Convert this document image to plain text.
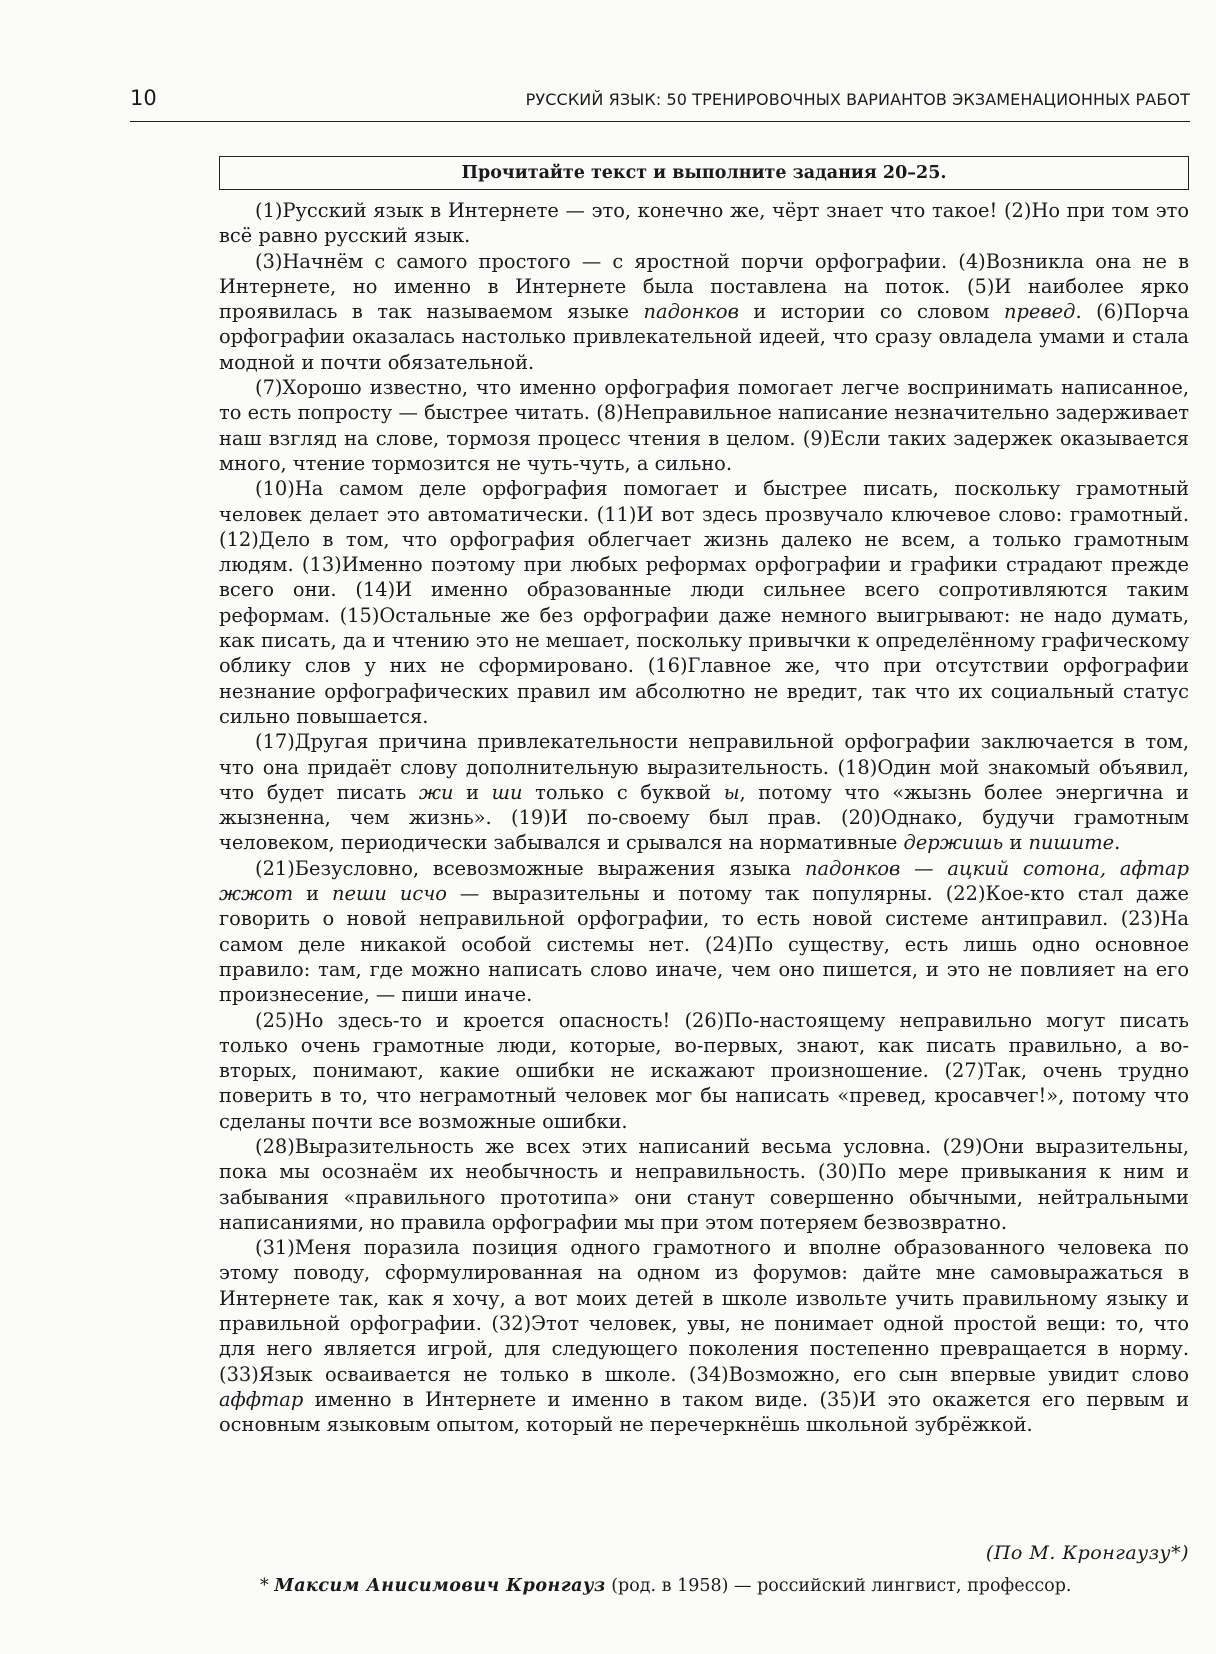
10	РУССКИЙ ЯЗЫК: 50 ТРЕНИРОВОЧНЫХ ВАРИАНТОВ ЭКЗАМЕНАЦИОННЫХ РАБОТ
Прочитайте текст и выполните задания 20–25.

(1)Русский язык в Интернете — это, конечно же, чёрт знает что такое! (2)Но при том это всё равно русский язык.

(3)Начнём с самого простого — с яростной порчи орфографии. (4)Возникла она не в Интернете, но именно в Интернете была поставлена на поток. (5)И наиболее ярко проявилась в так называемом языке падонков и истории со словом превед. (6)Порча орфографии оказалась настолько привлекательной идеей, что сразу овладела умами и стала модной и почти обязательной.

(7)Хорошо известно, что именно орфография помогает легче воспринимать написанное, то есть попросту — быстрее читать. (8)Неправильное написание незначительно задерживает наш взгляд на слове, тормозя процесс чтения в целом. (9)Если таких задержек оказывается много, чтение тормозится не чуть-чуть, а сильно.

(10)На самом деле орфография помогает и быстрее писать, поскольку грамотный человек делает это автоматически. (11)И вот здесь прозвучало ключевое слово: грамотный. (12)Дело в том, что орфография облегчает жизнь далеко не всем, а только грамотным людям. (13)Именно поэтому при любых реформах орфографии и графики страдают прежде всего они. (14)И именно образованные люди сильнее всего сопротивляются таким реформам. (15)Остальные же без орфографии даже немного выигрывают: не надо думать, как писать, да и чтению это не мешает, поскольку привычки к определённому графическому облику слов у них не сформировано. (16)Главное же, что при отсутствии орфографии незнание орфографических правил им абсолютно не вредит, так что их социальный статус сильно повышается.

(17)Другая причина привлекательности неправильной орфографии заключается в том, что она придаёт слову дополнительную выразительность. (18)Один мой знакомый объявил, что будет писать жи и ши только с буквой ы, потому что «жызнь более энергична и жызненна, чем жизнь». (19)И по-своему был прав. (20)Однако, будучи грамотным человеком, периодически забывался и срывался на нормативные держишь и пишите.

(21)Безусловно, всевозможные выражения языка падонков — ацкий сотона, афтар жжот и пеши исчо — выразительны и потому так популярны. (22)Кое-кто стал даже говорить о новой неправильной орфографии, то есть новой системе антиправил. (23)На самом деле никакой особой системы нет. (24)По существу, есть лишь одно основное правило: там, где можно написать слово иначе, чем оно пишется, и это не повлияет на его произнесение, — пиши иначе.

(25)Но здесь-то и кроется опасность! (26)По-настоящему неправильно могут писать только очень грамотные люди, которые, во-первых, знают, как писать правильно, а во-вторых, понимают, какие ошибки не искажают произношение. (27)Так, очень трудно поверить в то, что неграмотный человек мог бы написать «превед, кросавчег!», потому что сделаны почти все возможные ошибки.

(28)Выразительность же всех этих написаний весьма условна. (29)Они выразительны, пока мы осознаём их необычность и неправильность. (30)По мере привыкания к ним и забывания «правильного прототипа» они станут совершенно обычными, нейтральными написаниями, но правила орфографии мы при этом потеряем безвозвратно.

(31)Меня поразила позиция одного грамотного и вполне образованного человека по этому поводу, сформулированная на одном из форумов: дайте мне самовыражаться в Интернете так, как я хочу, а вот моих детей в школе извольте учить правильному языку и правильной орфографии. (32)Этот человек, увы, не понимает одной простой вещи: то, что для него является игрой, для следующего поколения постепенно превращается в норму. (33)Язык осваивается не только в школе. (34)Возможно, его сын впервые увидит слово аффтар именно в Интернете и именно в таком виде. (35)И это окажется его первым и основным языковым опытом, который не перечеркнёшь школьной зубрёжкой.

(По М. Кронгаузу*)
* Максим Анисимович Кронгауз (род. в 1958) — российский лингвист, профессор.
